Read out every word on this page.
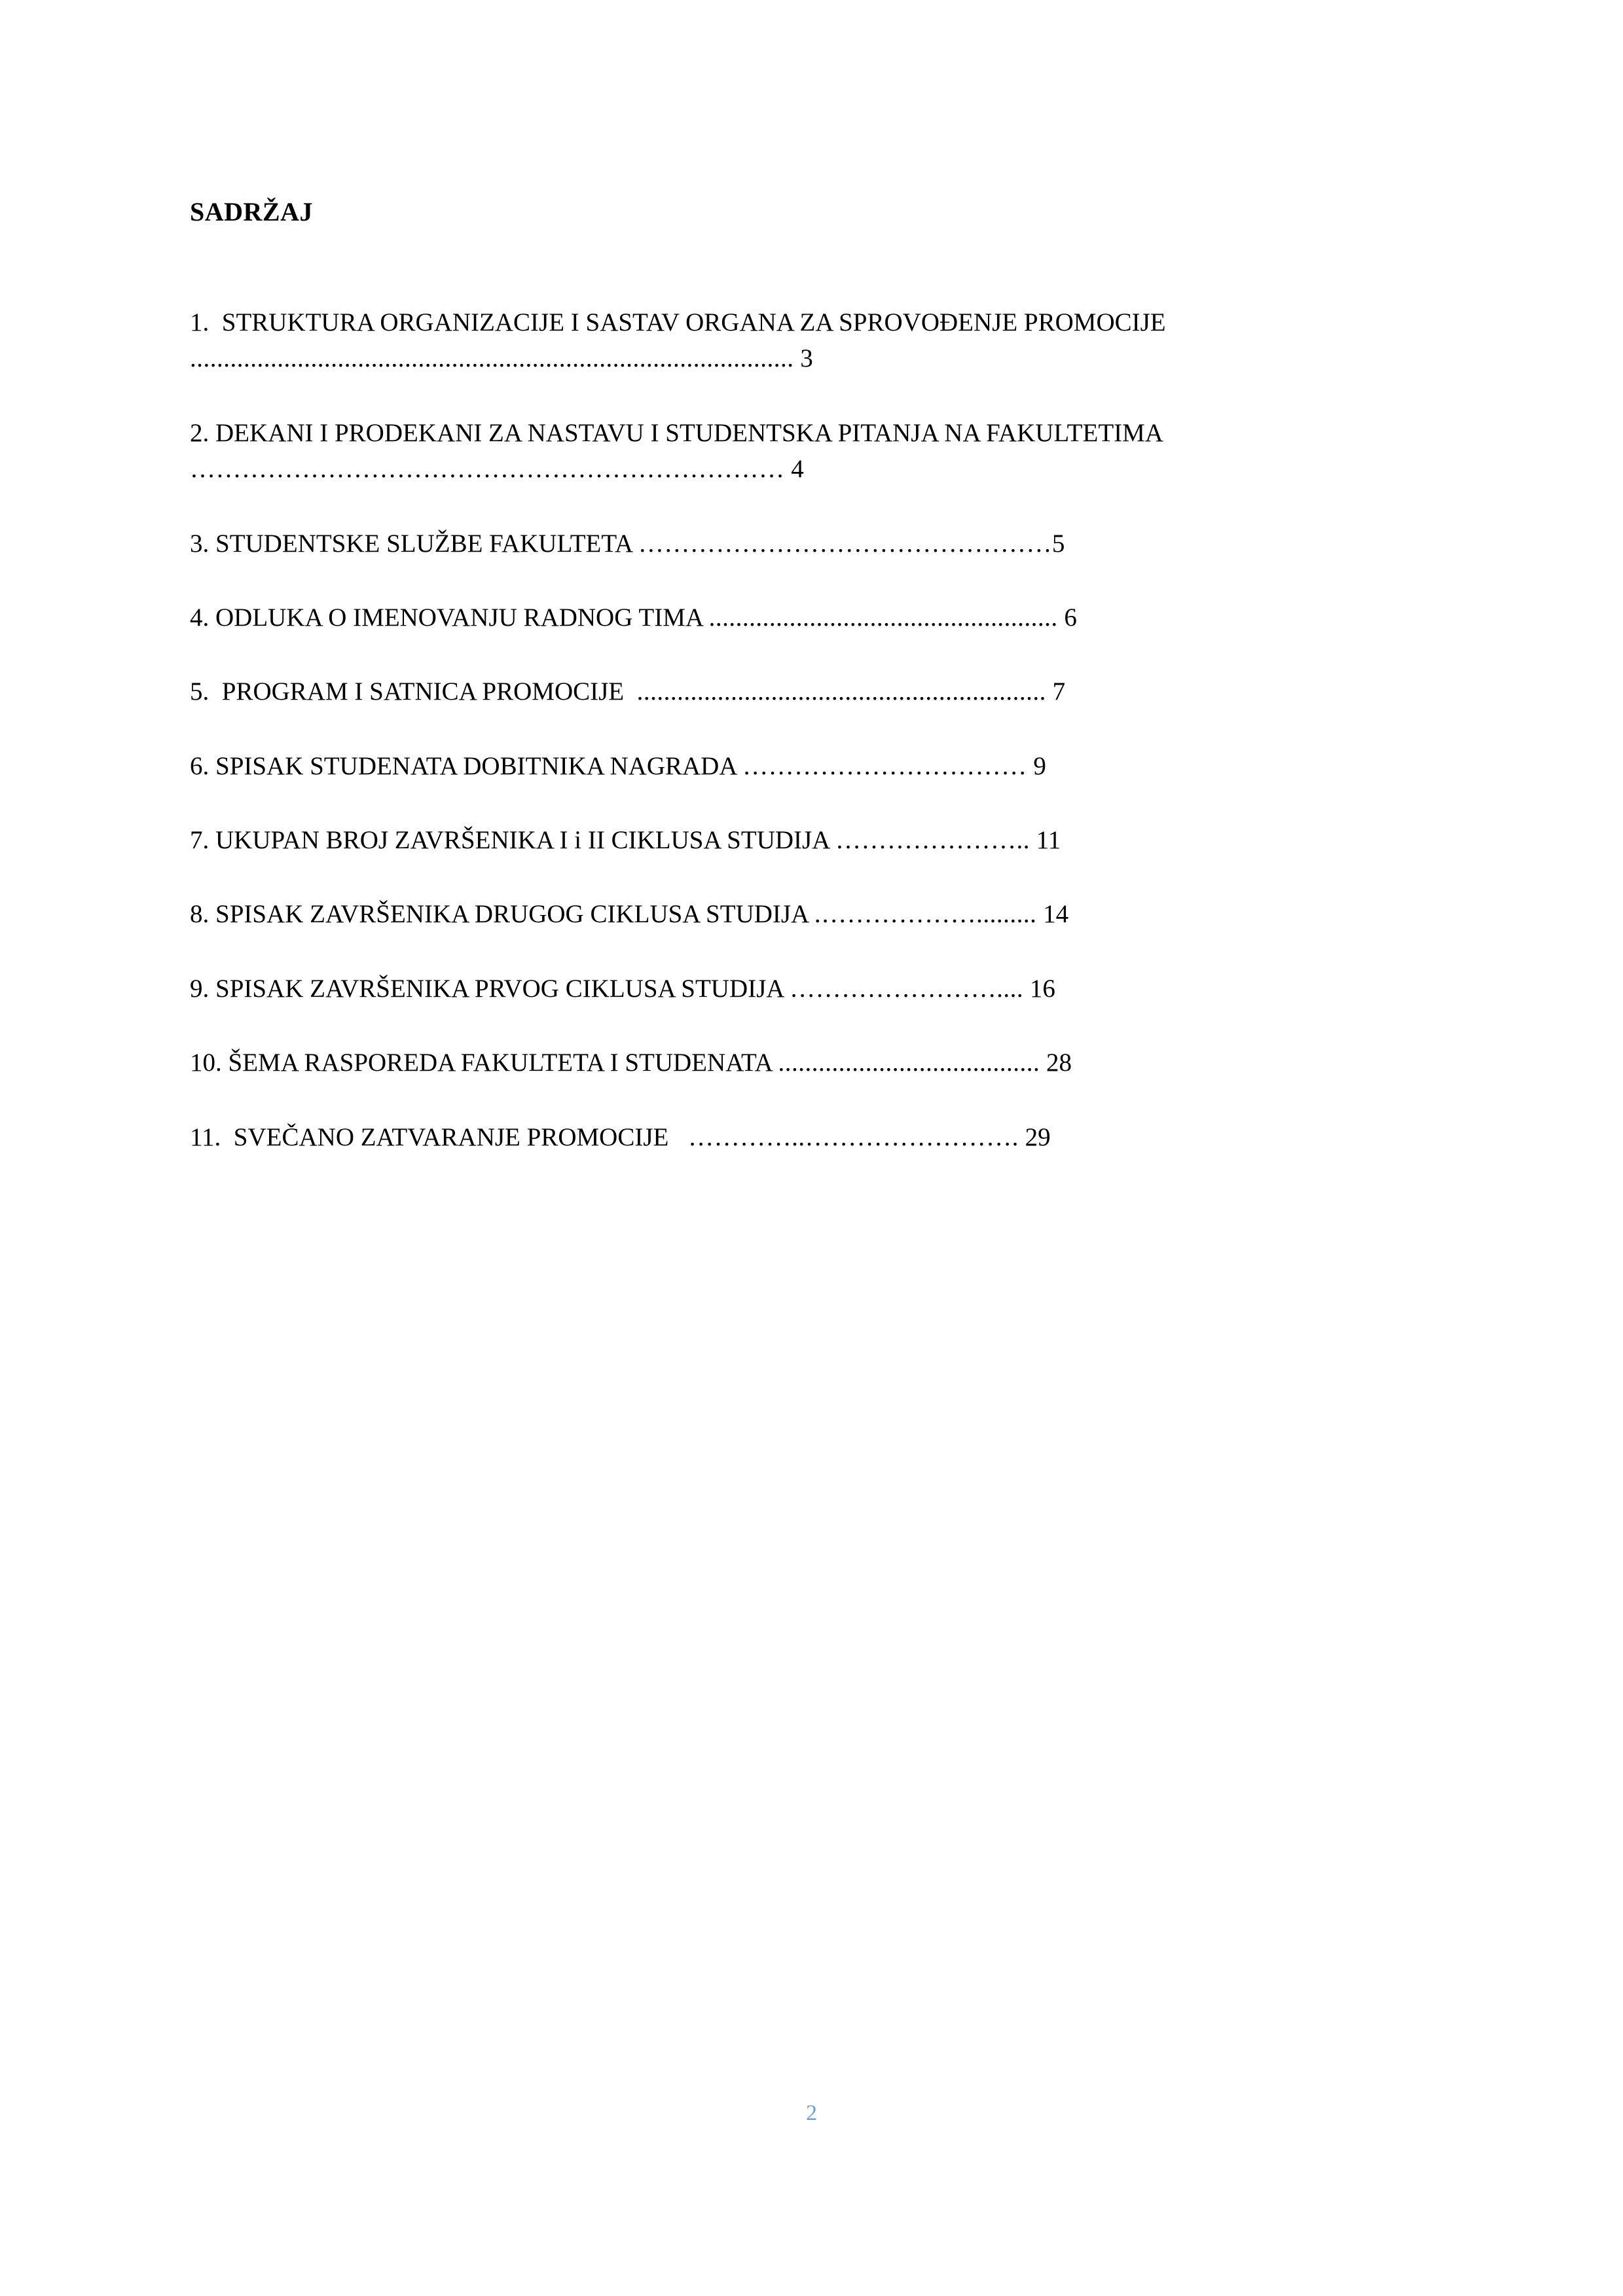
SADRŽAJ
1.  STRUKTURA ORGANIZACIJE I SASTAV ORGANA ZA SPROVOĐENJE PROMOCIJE  .......................................................................................... 3
2. DEKANI I PRODEKANI ZA NASTAVU I STUDENTSKA PITANJA NA FAKULTETIMA …………………………………………………………… 4
3. STUDENTSKE SLUŽBE FAKULTETA …………………………………………5
4. ODLUKA O IMENOVANJU RADNOG TIMA .................................................... 6
5.  PROGRAM I SATNICA PROMOCIJE  ............................................................. 7
6. SPISAK STUDENATA DOBITNIKA NAGRADA …………………………… 9
7. UKUPAN BROJ ZAVRŠENIKA I i II CIKLUSA STUDIJA ………………….. 11
8. SPISAK ZAVRŠENIKA DRUGOG CIKLUSA STUDIJA .………………......... 14
9. SPISAK ZAVRŠENIKA PRVOG CIKLUSA STUDIJA …………………….... 16
10. ŠEMA RASPOREDA FAKULTETA I STUDENATA ....................................... 28
11.  SVEČANO ZATVARANJE PROMOCIJE   …………..……………………. 29
2
